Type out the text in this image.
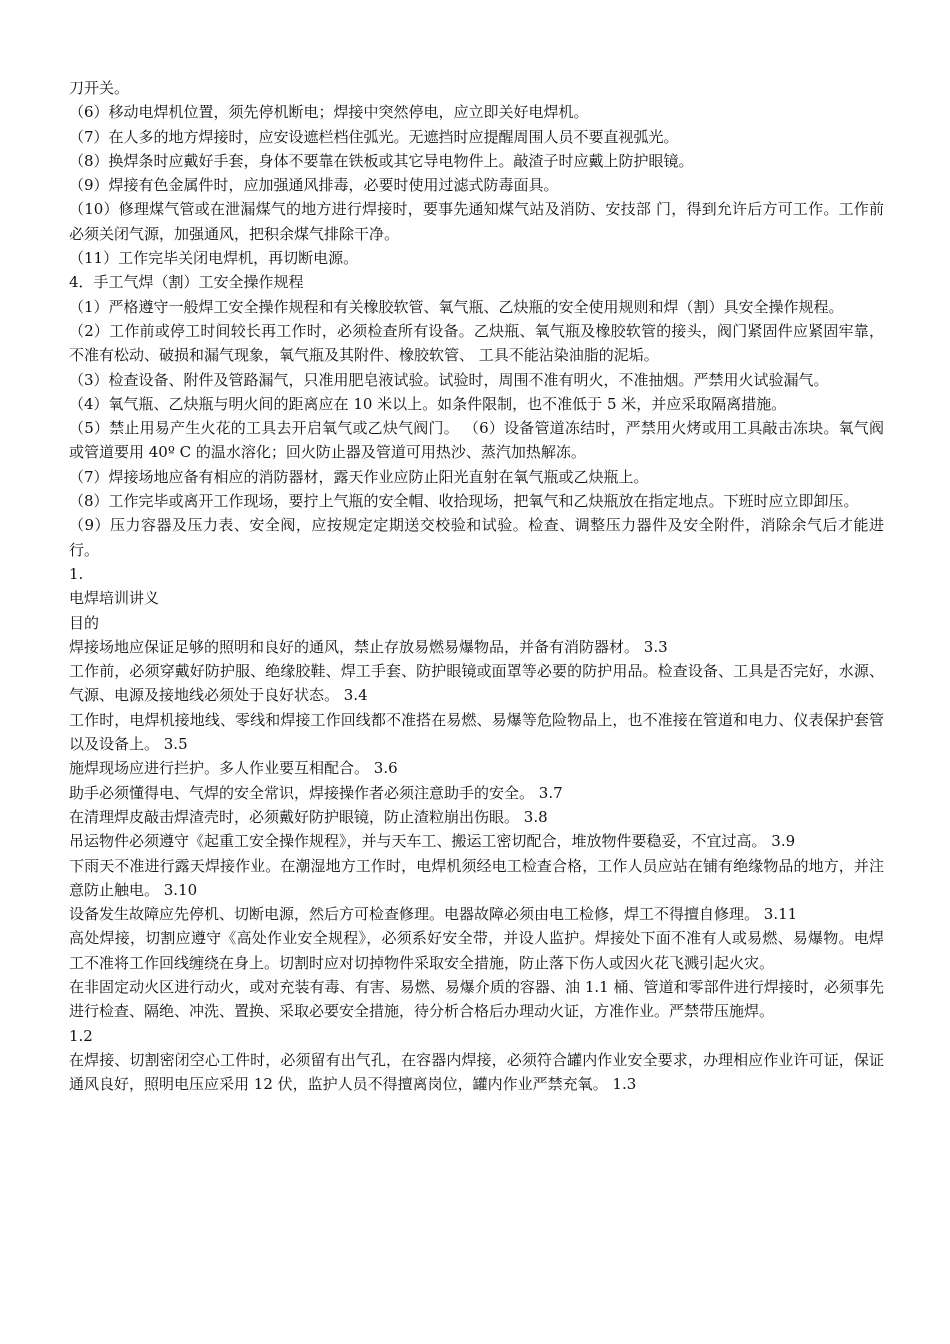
刀开关。

（6）移动电焊机位置，须先停机断电；焊接中突然停电，应立即关好电焊机。

（7）在人多的地方焊接时，应安设遮栏档住弧光。无遮挡时应提醒周围人员不要直视弧光。

（8）换焊条时应戴好手套，身体不要靠在铁板或其它导电物件上。敲渣子时应戴上防护眼镜。

（9）焊接有色金属件时，应加强通风排毒，必要时使用过滤式防毒面具。

（10）修理煤气管或在泄漏煤气的地方进行焊接时，要事先通知煤气站及消防、安技部 门，得到允许后方可工作。工作前必须关闭气源，加强通风，把积余煤气排除干净。

（11）工作完毕关闭电焊机，再切断电源。

4．手工气焊（割）工安全操作规程

（1）严格遵守一般焊工安全操作规程和有关橡胶软管、氧气瓶、乙炔瓶的安全使用规则和焊（割）具安全操作规程。

（2）工作前或停工时间较长再工作时，必须检查所有设备。乙炔瓶、氧气瓶及橡胶软管的接头，阀门紧固件应紧固牢靠，不准有松动、破损和漏气现象，氧气瓶及其附件、橡胶软管、 工具不能沾染油脂的泥垢。

（3）检查设备、附件及管路漏气，只准用肥皂液试验。试验时，周围不准有明火，不准抽烟。严禁用火试验漏气。

（4）氧气瓶、乙炔瓶与明火间的距离应在 10 米以上。如条件限制，也不准低于 5 米，并应采取隔离措施。

（5）禁止用易产生火花的工具去开启氧气或乙炔气阀门。 （6）设备管道冻结时，严禁用火烤或用工具敲击冻块。氧气阀或管道要用 40º C 的温水溶化；回火防止器及管道可用热沙、蒸汽加热解冻。

（7）焊接场地应备有相应的消防器材，露天作业应防止阳光直射在氧气瓶或乙炔瓶上。

（8）工作完毕或离开工作现场，要拧上气瓶的安全帽、收拾现场，把氧气和乙炔瓶放在指定地点。下班时应立即卸压。

（9）压力容器及压力表、安全阀，应按规定定期送交校验和试验。检查、调整压力器件及安全附件，消除余气后才能进行。

1.

电焊培训讲义

目的

焊接场地应保证足够的照明和良好的通风，禁止存放易燃易爆物品，并备有消防器材。 3.3

工作前，必须穿戴好防护服、绝缘胶鞋、焊工手套、防护眼镜或面罩等必要的防护用品。检查设备、工具是否完好，水源、气源、电源及接地线必须处于良好状态。 3.4

工作时，电焊机接地线、零线和焊接工作回线都不准搭在易燃、易爆等危险物品上，也不准接在管道和电力、仪表保护套管以及设备上。 3.5

施焊现场应进行拦护。多人作业要互相配合。 3.6

助手必须懂得电、气焊的安全常识，焊接操作者必须注意助手的安全。 3.7

在清理焊皮敲击焊渣壳时，必须戴好防护眼镜，防止渣粒崩出伤眼。 3.8

吊运物件必须遵守《起重工安全操作规程》，并与天车工、搬运工密切配合，堆放物件要稳妥，不宜过高。 3.9

下雨天不准进行露天焊接作业。在潮湿地方工作时，电焊机须经电工检查合格，工作人员应站在铺有绝缘物品的地方，并注意防止触电。 3.10

设备发生故障应先停机、切断电源，然后方可检查修理。电器故障必须由电工检修，焊工不得擅自修理。 3.11

高处焊接，切割应遵守《高处作业安全规程》，必须系好安全带，并设人监护。焊接处下面不准有人或易燃、易爆物。电焊工不准将工作回线缠绕在身上。切割时应对切掉物件采取安全措施，防止落下伤人或因火花飞溅引起火灾。

在非固定动火区进行动火，或对充装有毒、有害、易燃、易爆介质的容器、油 1.1 桶、管道和零部件进行焊接时，必须事先进行检查、隔绝、冲洗、置换、采取必要安全措施，待分析合格后办理动火证，方准作业。严禁带压施焊。

1.2

在焊接、切割密闭空心工件时，必须留有出气孔，在容器内焊接，必须符合罐内作业安全要求，办理相应作业许可证，保证通风良好，照明电压应采用 12 伏，监护人员不得擅离岗位，罐内作业严禁充氧。 1.3
